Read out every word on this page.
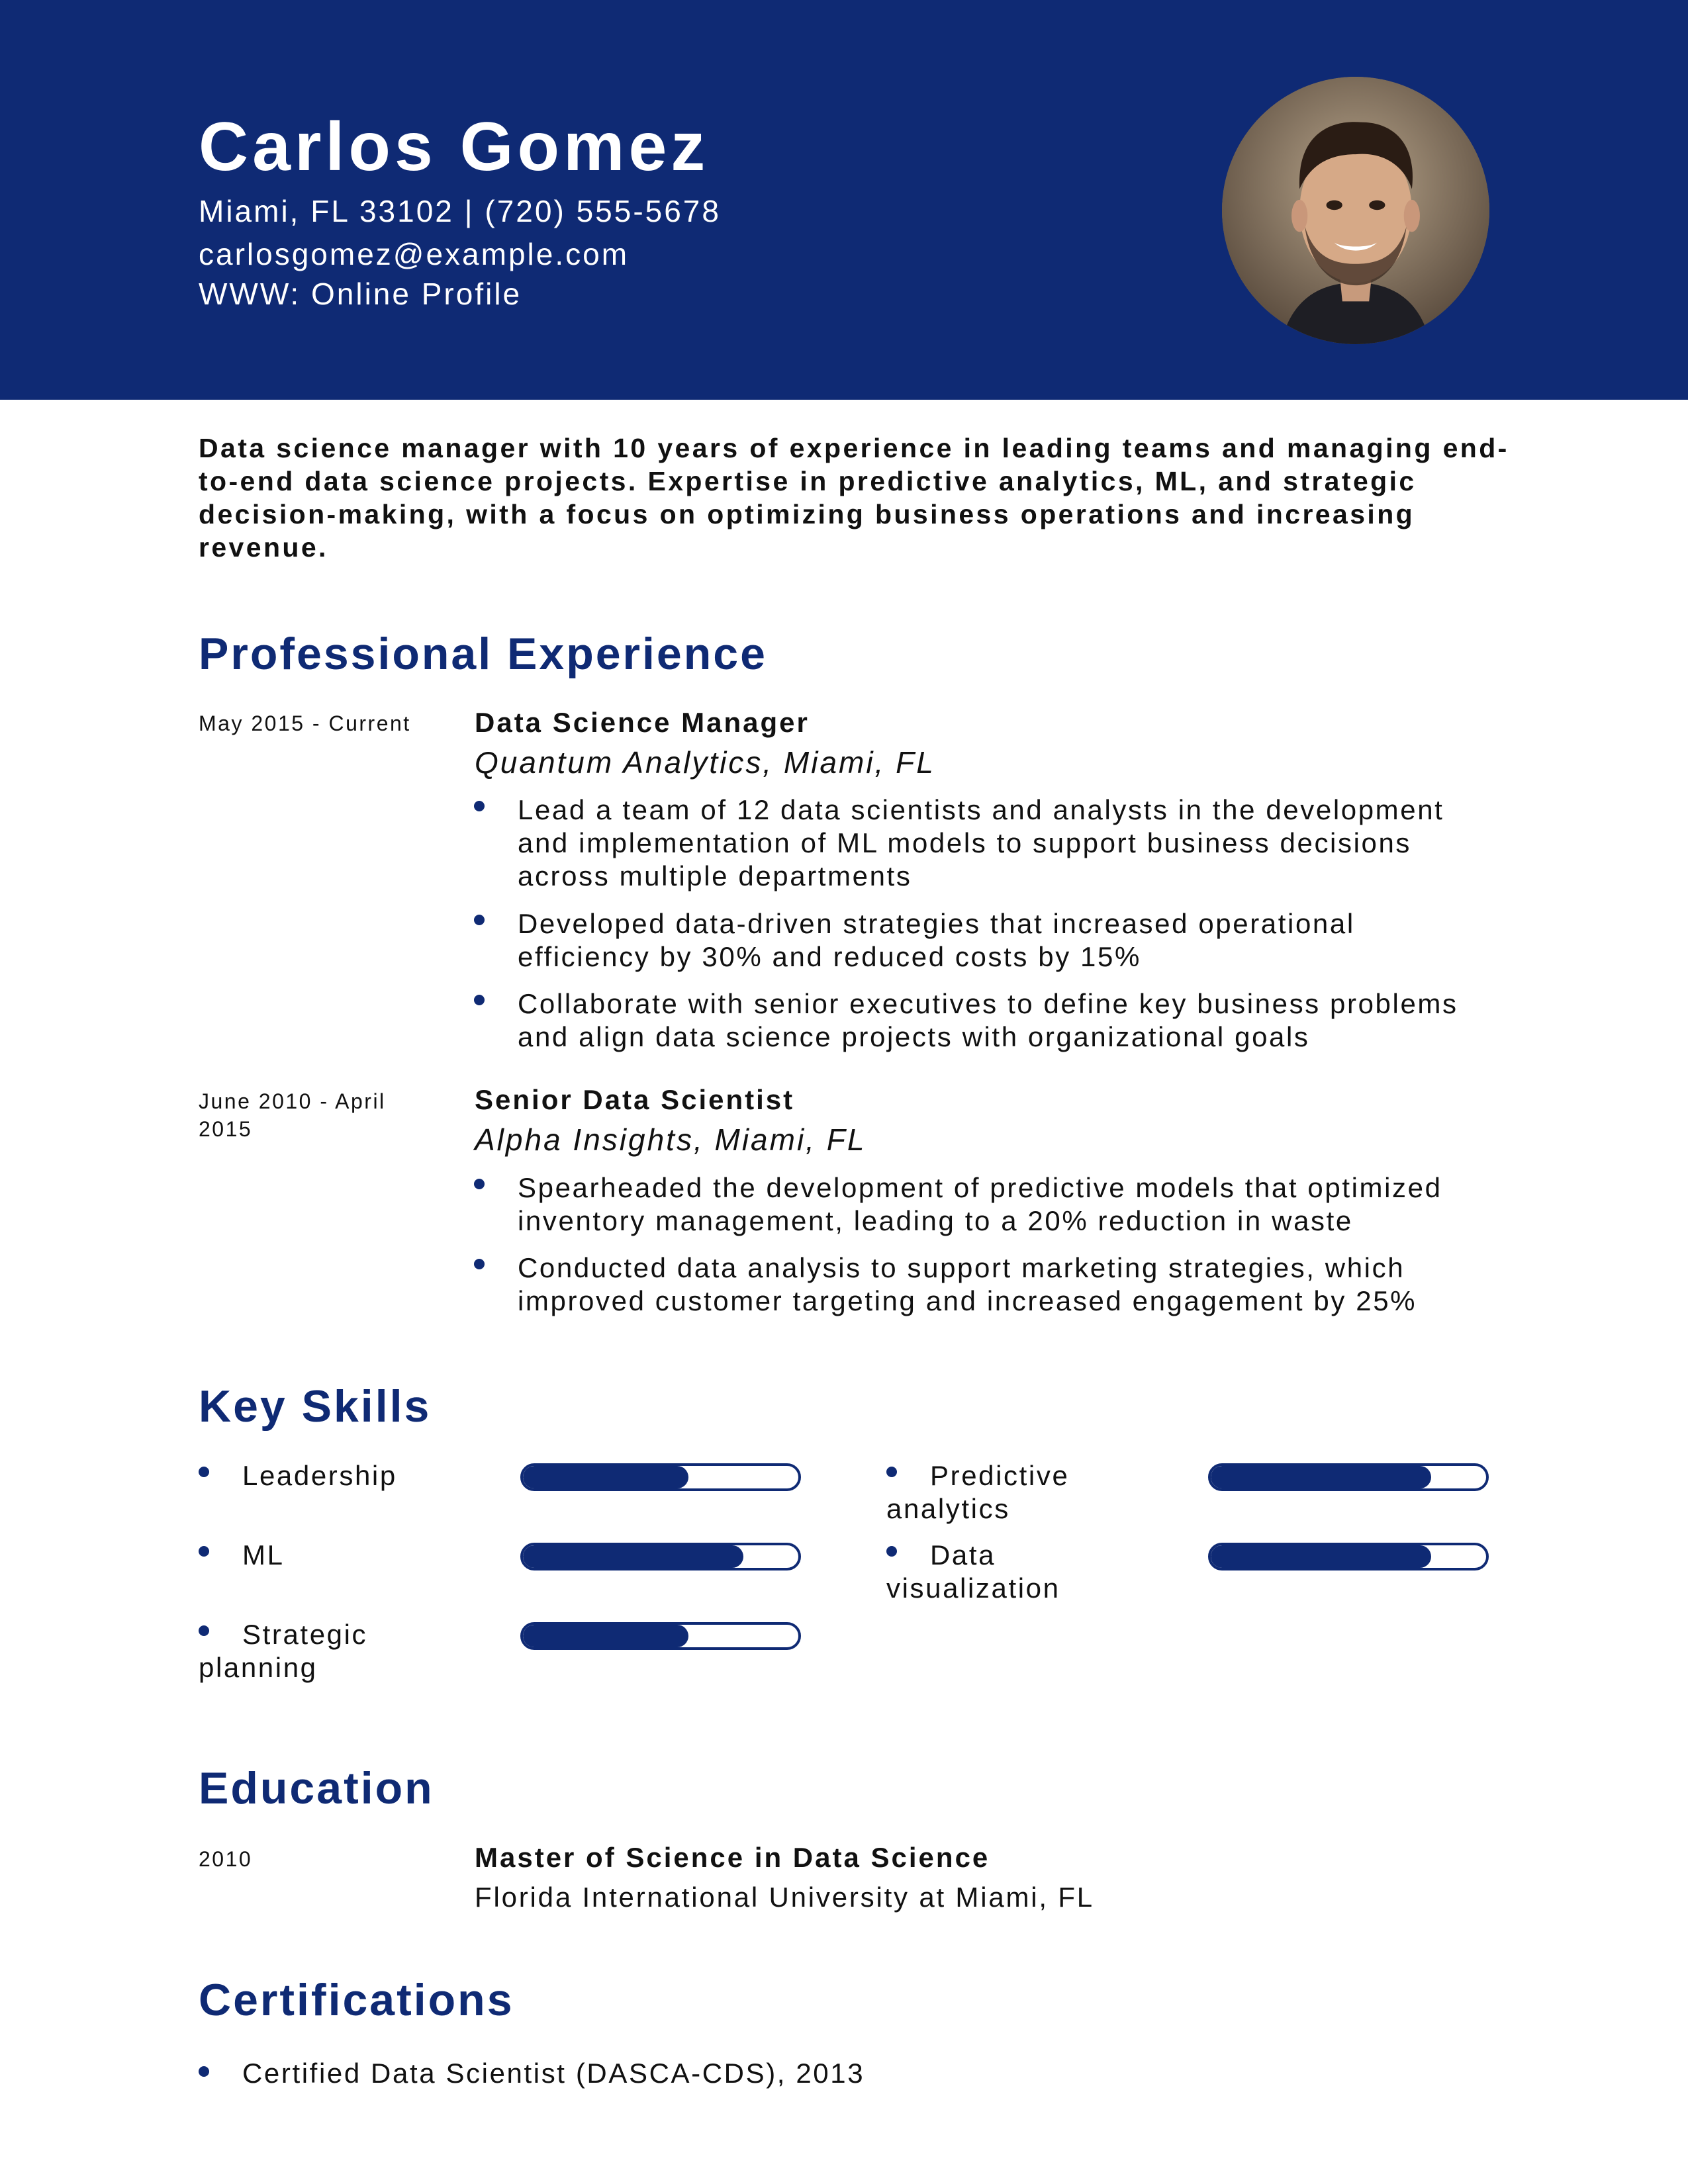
Carlos Gomez
Miami, FL 33102 | (720) 555-5678
carlosgomez@example.com
WWW: Online Profile
Data science manager with 10 years of experience in leading teams and managing end-to-end data science projects. Expertise in predictive analytics, ML, and strategic decision-making, with a focus on optimizing business operations and increasing revenue.
Professional Experience
May 2015 - Current	Data Science Manager
Quantum Analytics, Miami, FL
Lead a team of 12 data scientists and analysts in the development and implementation of ML models to support business decisions across multiple departments
Developed data-driven strategies that increased operational efficiency by 30% and reduced costs by 15%
Collaborate with senior executives to define key business problems and align data science projects with organizational goals
June 2010 - April 2015
Senior Data Scientist
Alpha Insights, Miami, FL
Spearheaded the development of predictive models that optimized inventory management, leading to a 20% reduction in waste
Conducted data analysis to support marketing strategies, which improved customer targeting and increased engagement by 25%
Key Skills
Leadership	Predictive analytics
ML	Data visualization
Strategic planning
Education
2010	Master of Science in Data Science
Florida International University at Miami, FL
Certifications
Certified Data Scientist (DASCA-CDS), 2013
